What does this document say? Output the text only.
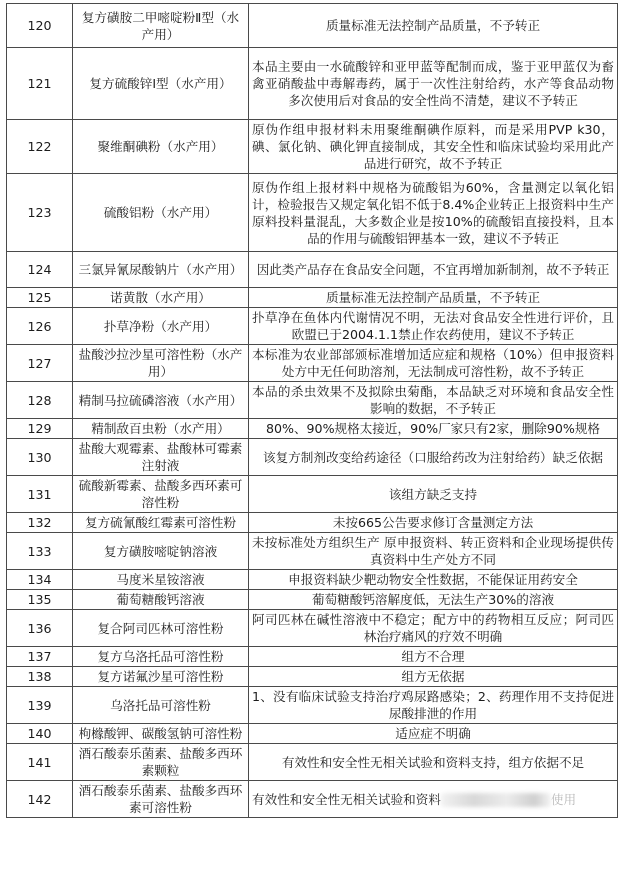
120	复方磺胺二甲嘧啶粉Ⅱ型（水产用）	质量标准无法控制产品质量，不予转正
121	复方硫酸锌Ⅰ型（水产用）	本品主要由一水硫酸锌和亚甲蓝等配制而成，鉴于亚甲蓝仅为畜禽亚硝酸盐中毒解毒药，属于一次性注射给药，水产等食品动物多次使用后对食品的安全性尚不清楚，建议不予转正
122	聚维酮碘粉（水产用）	原伪作组申报材料未用聚维酮碘作原料，而是采用PVP k30，碘、氯化钠、碘化钾直接制成，其安全性和临床试验均采用此产品进行研究，故不予转正
123	硫酸铝粉（水产用）	原伪作组上报材料中规格为硫酸铝为60%，含量测定以氧化铝计，检验报告又规定氧化铝不低于8.4%企业转正上报资料中生产原料投料量混乱，大多数企业是按10%的硫酸铝直接投料，且本品的作用与硫酸铝钾基本一致，建议不予转正
124	三氯异氰尿酸钠片（水产用）	因此类产品存在食品安全问题，不宜再增加新制剂，故不予转正
125	诺黄散（水产用）	质量标准无法控制产品质量，不予转正
126	扑草净粉（水产用）	扑草净在鱼体内代谢情况不明，无法对食品安全性进行评价，且欧盟已于2004.1.1禁止作农药使用，建议不予转正
127	盐酸沙拉沙星可溶性粉（水产用）	本标准为农业部部颁标准增加适应症和规格（10%）但申报资料处方中无任何助溶剂，无法制成可溶性粉，故不予转正
128	精制马拉硫磷溶液（水产用）	本品的杀虫效果不及拟除虫菊酯，本品缺乏对环境和食品安全性影响的数据，不予转正
129	精制敌百虫粉（水产用）	80%、90%规格太接近，90%厂家只有2家，删除90%规格
130	盐酸大观霉素、盐酸林可霉素注射液	该复方制剂改变给药途径（口服给药改为注射给药）缺乏依据
131	硫酸新霉素、盐酸多西环素可溶性粉	该组方缺乏支持
132	复方硫氰酸红霉素可溶性粉	未按665公告要求修订含量测定方法
133	复方磺胺嘧啶钠溶液	未按标准处方组织生产 原申报资料、转正资料和企业现场提供传真资料中生产处方不同
134	马度米星铵溶液	申报资料缺少靶动物安全性数据，不能保证用药安全
135	葡萄糖酸钙溶液	葡萄糖酸钙溶解度低，无法生产30%的溶液
136	复合阿司匹林可溶性粉	阿司匹林在碱性溶液中不稳定；配方中的药物相互反应；阿司匹林治疗痛风的疗效不明确
137	复方乌洛托品可溶性粉	组方不合理
138	复方诺氟沙星可溶性粉	组方无依据
139	乌洛托品可溶性粉	1、没有临床试验支持治疗鸡尿路感染；2、药理作用不支持促进尿酸排泄的作用
140	枸橼酸钾、碳酸氢钠可溶性粉	适应症不明确
141	酒石酸泰乐菌素、盐酸多西环素颗粒	有效性和安全性无相关试验和资料支持，组方依据不足
142	酒石酸泰乐菌素、盐酸多西环素可溶性粉	有效性和安全性无相关试验和资料 使用
